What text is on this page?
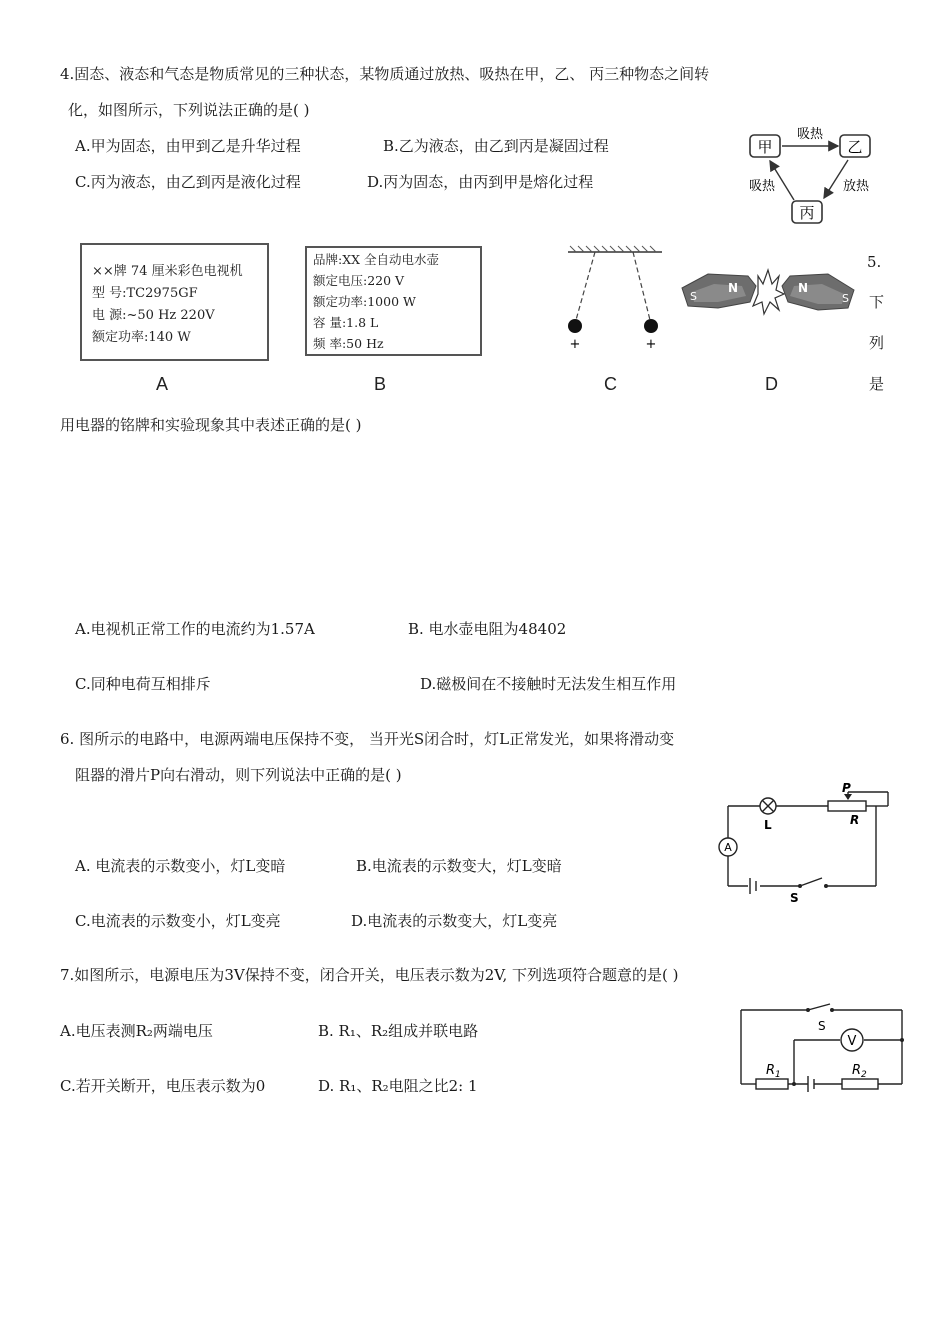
4.固态、液态和气态是物质常见的三种状态，某物质通过放热、吸热在甲，乙、 丙三种物态之间转
化，如图所示，下列说法正确的是( )
A.甲为固态，由甲到乙是升华过程	B.乙为液态，由乙到丙是凝固过程
C.丙为液态，由乙到丙是液化过程	D.丙为固态，由丙到甲是熔化过程
甲	乙
丙
吸热
放热
吸热
××牌 74 厘米彩色电视机
型 号:TC2975GF
电 源:~50 Hz 220V
额定功率:140 W
A
品牌:XX 全自动电水壶
额定电压:220 V
额定功率:1000 W
容 量:1.8 L
频 率:50 Hz
B
+	+
C
S
N	N
S
D
5.
下
列
是
用电器的铭牌和实验现象其中表述正确的是( )
A.电视机正常工作的电流约为1.57A	B. 电水壶电阻为48402
C.同种电荷互相排斥	D.磁极间在不接触时无法发生相互作用
6. 图所示的电路中，电源两端电压保持不变， 当开光S闭合时，灯L正常发光，如果将滑动变
阻器的滑片P向右滑动，则下列说法中正确的是( )
A. 电流表的示数变小，灯L变暗	B.电流表的示数变大，灯L变暗
C.电流表的示数变小，灯L变亮	D.电流表的示数变大，灯L变亮
P
R
L
A
S
7.如图所示，电源电压为3V保持不变，闭合开关，电压表示数为2V, 下列选项符合题意的是( )
A.电压表测R₂两端电压	B. R₁、R₂组成并联电路
C.若开关断开，电压表示数为0	D. R₁、R₂电阻之比2: 1
S
V
$R_1$	$R_2$
